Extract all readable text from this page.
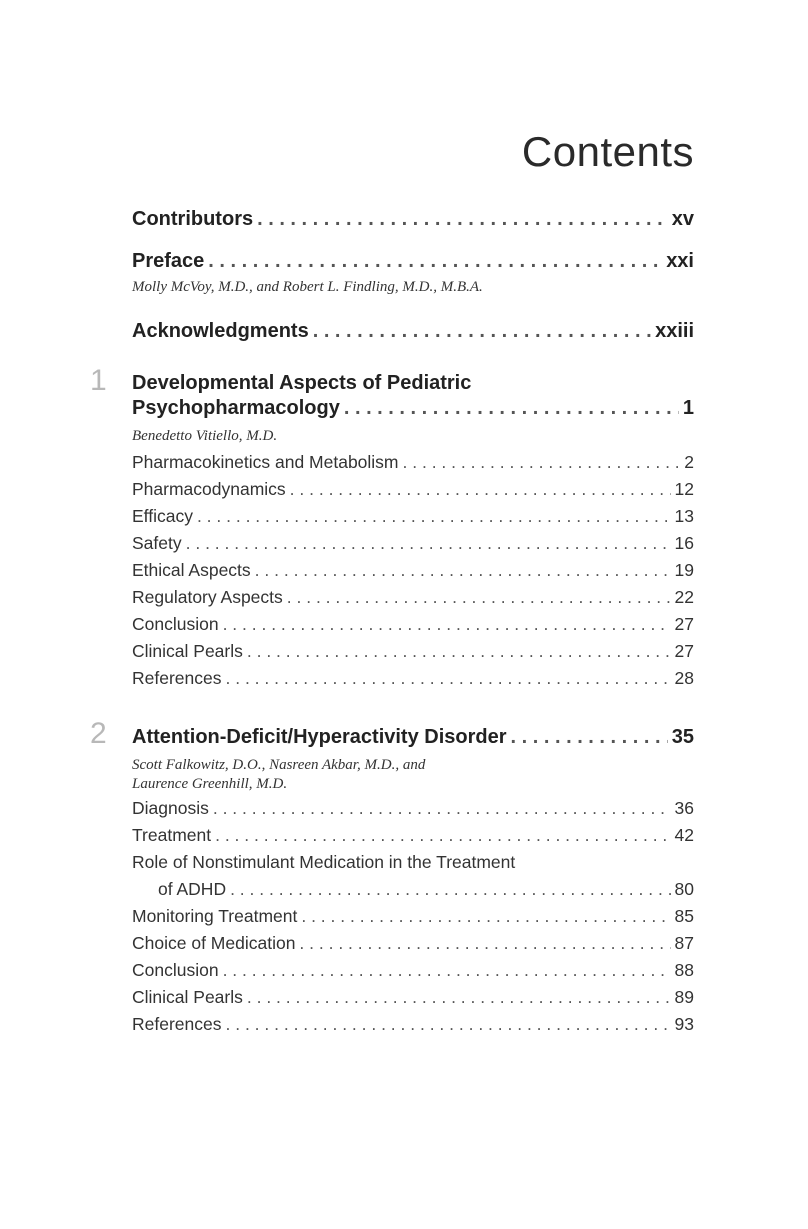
Contents
Contributors . . .	xv
Preface . . .	xxi
Molly McVoy, M.D., and Robert L. Findling, M.D., M.B.A.
Acknowledgments . . .	xxiii
1 Developmental Aspects of Pediatric
Psychopharmacology . . .	1
Benedetto Vitiello, M.D.
Pharmacokinetics and Metabolism . . .	2
Pharmacodynamics . . .	12
Efficacy . . .	13
Safety . . .	16
Ethical Aspects . . .	19
Regulatory Aspects . . .	22
Conclusion . . .	27
Clinical Pearls . . .	27
References . . .	28
2 Attention-Deficit/Hyperactivity Disorder . . .	35
Scott Falkowitz, D.O., Nasreen Akbar, M.D., and
Laurence Greenhill, M.D.
Diagnosis . . .	36
Treatment . . .	42
Role of Nonstimulant Medication in the Treatment
of ADHD . . .	80
Monitoring Treatment . . .	85
Choice of Medication . . .	87
Conclusion . . .	88
Clinical Pearls . . .	89
References . . .	93
